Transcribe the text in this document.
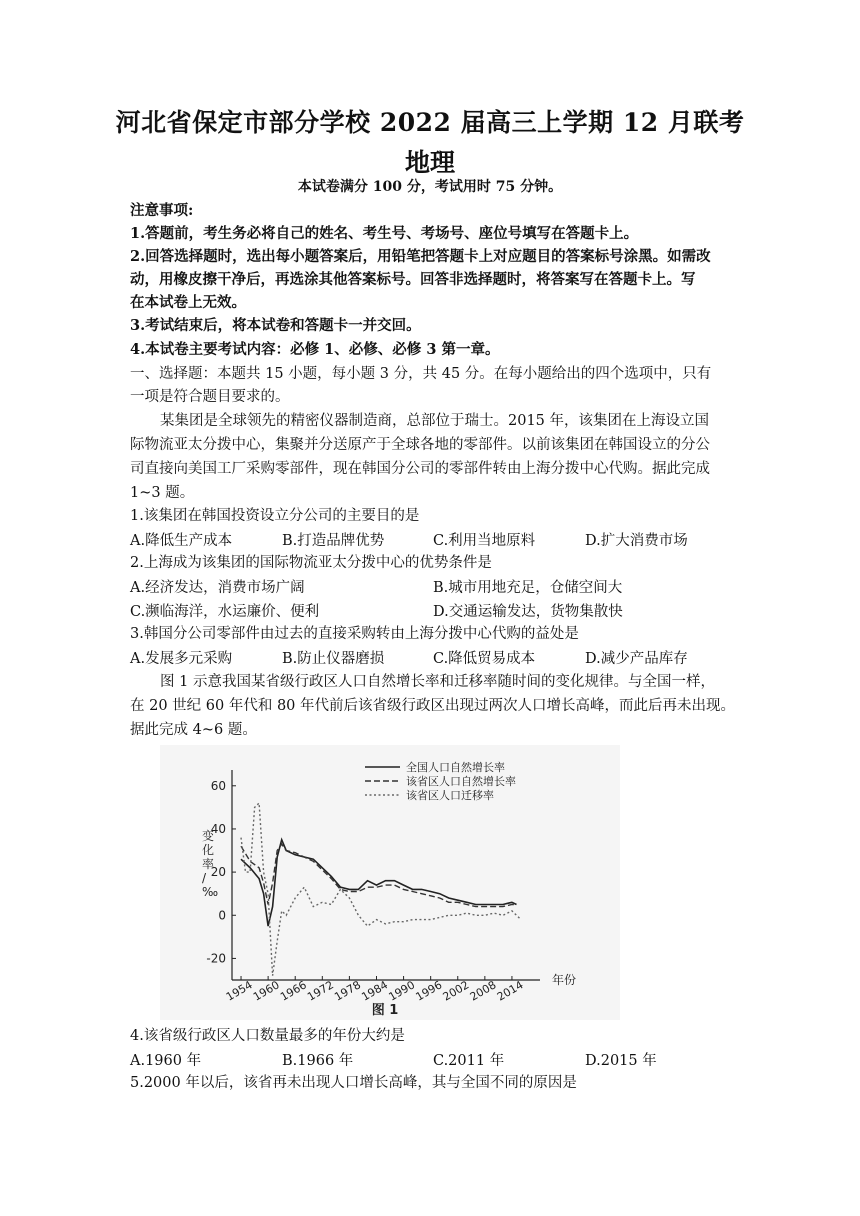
河北省保定市部分学校 2022 届高三上学期 12 月联考
地理
本试卷满分 100 分，考试用时 75 分钟。
注意事项:
1.答题前，考生务必将自己的姓名、考生号、考场号、座位号填写在答题卡上。
2.回答选择题时，选出每小题答案后，用铅笔把答题卡上对应题目的答案标号涂黑。如需改
动，用橡皮擦干净后，再选涂其他答案标号。回答非选择题时，将答案写在答题卡上。写
在本试卷上无效。
3.考试结束后，将本试卷和答题卡一并交回。
4.本试卷主要考试内容：必修 1、必修、必修 3 第一章。
一、选择题：本题共 15 小题，每小题 3 分，共 45 分。在每小题给出的四个选项中，只有
一项是符合题目要求的。
某集团是全球领先的精密仪器制造商，总部位于瑞士。2015 年，该集团在上海设立国
际物流亚太分拨中心，集聚并分送原产于全球各地的零部件。以前该集团在韩国设立的分公
司直接向美国工厂采购零部件，现在韩国分公司的零部件转由上海分拨中心代购。据此完成
1~3 题。
1.该集团在韩国投资设立分公司的主要目的是
A.降低生产成本	B.打造品牌优势	C.利用当地原料	D.扩大消费市场
2.上海成为该集团的国际物流亚太分拨中心的优势条件是
A.经济发达，消费市场广阔	B.城市用地充足，仓储空间大
C.濒临海洋，水运廉价、便利	D.交通运输发达，货物集散快
3.韩国分公司零部件由过去的直接采购转由上海分拨中心代购的益处是
A.发展多元采购	B.防止仪器磨损	C.降低贸易成本	D.减少产品库存
图 1 示意我国某省级行政区人口自然增长率和迁移率随时间的变化规律。与全国一样，
在 20 世纪 60 年代和 80 年代前后该省级行政区出现过两次人口增长高峰，而此后再未出现。
据此完成 4~6 题。
60
40
20
0
-20
1954
1960
1966
1972
1978
1984
1990
1996
2002
2008
2014
变化率/ ‰
年份
图 1
全国人口自然增长率
该省区人口自然增长率
该省区人口迁移率
4.该省级行政区人口数量最多的年份大约是
A.1960 年	B.1966 年	C.2011 年	D.2015 年
5.2000 年以后，该省再未出现人口增长高峰，其与全国不同的原因是
